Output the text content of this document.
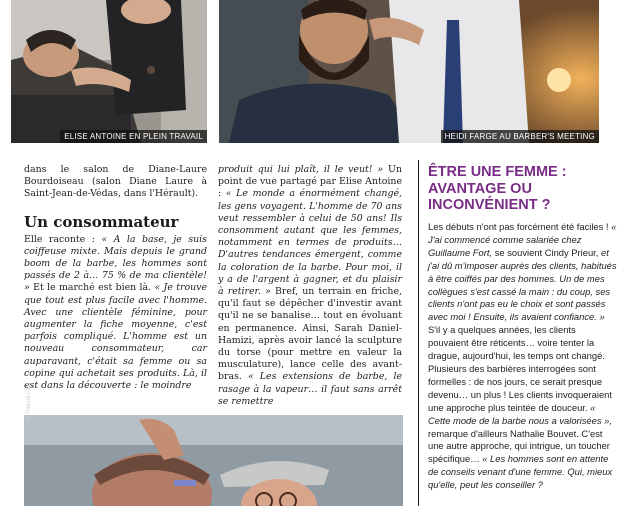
ELISE ANTOINE EN PLEIN TRAVAIL	HEIDI FARGE AU BARBER'S MEETING

dans le salon de Diane-Laure Bourdoiseau (salon Diane Laure à Saint-Jean-de-Védas, dans l'Hérault).

Un consommateur

Elle raconte : « A la base, je suis coiffeuse mixte. Mais depuis le grand boom de la barbe, les hommes sont passés de 2 à… 75 % de ma clientèle! » Et le marché est bien là. « Je trouve que tout est plus facile avec l'homme. Avec une clientèle féminine, pour augmenter la fiche moyenne, c'est parfois compliqué. L'homme est un nouveau consommateur, car auparavant, c'était sa femme ou sa copine qui achetait ses produits. Là, il est dans la découverte : le moindre

produit qui lui plaît, il le veut! » Un point de vue partagé par Elise Antoine : « Le monde a énormément changé, les gens voyagent. L'homme de 70 ans veut ressembler à celui de 50 ans! Ils consomment autant que les femmes, notamment en termes de produits… D'autres tendances émergent, comme la coloration de la barbe. Pour moi, il y a de l'argent à gagner, et du plaisir à retirer. » Bref, un terrain en friche, qu'il faut se dépêcher d'investir avant qu'il ne se banalise… tout en évoluant en permanence. Ainsi, Sarah Daniel-Hamizi, après avoir lancé la sculpture du torse (pour mettre en valeur la musculature), lance celle des avant-bras. « Les extensions de barbe, le rasage à la vapeur… il faut sans arrêt se remettre

© Pascal Lath
ÊTRE UNE FEMME : AVANTAGE OU INCONVÉNIENT ?

Les débuts n'ont pas forcément été faciles ! « J'ai commencé comme salariée chez Guillaume Fort, se souvient Cindy Prieur, et j'ai dû m'imposer auprès des clients, habitués à être coiffés par des hommes. Un de mes collègues s'est cassé la main : du coup, ses clients n'ont pas eu le choix et sont passés avec moi ! Ensuite, ils avaient confiance. » S'il y a quelques années, les clients pouvaient être réticents… voire tenter la drague, aujourd'hui, les temps ont changé. Plusieurs des barbières interrogées sont formelles : de nos jours, ce serait presque devenu… un plus ! Les clients invoqueraient une approche plus teintée de douceur. « Cette mode de la barbe nous a valorisées », remarque d'ailleurs Nathalie Bouvet. C'est une autre approche, qui intrigue, un toucher spécifique… « Les hommes sont en attente de conseils venant d'une femme. Qui, mieux qu'elle, peut les conseiller ?
